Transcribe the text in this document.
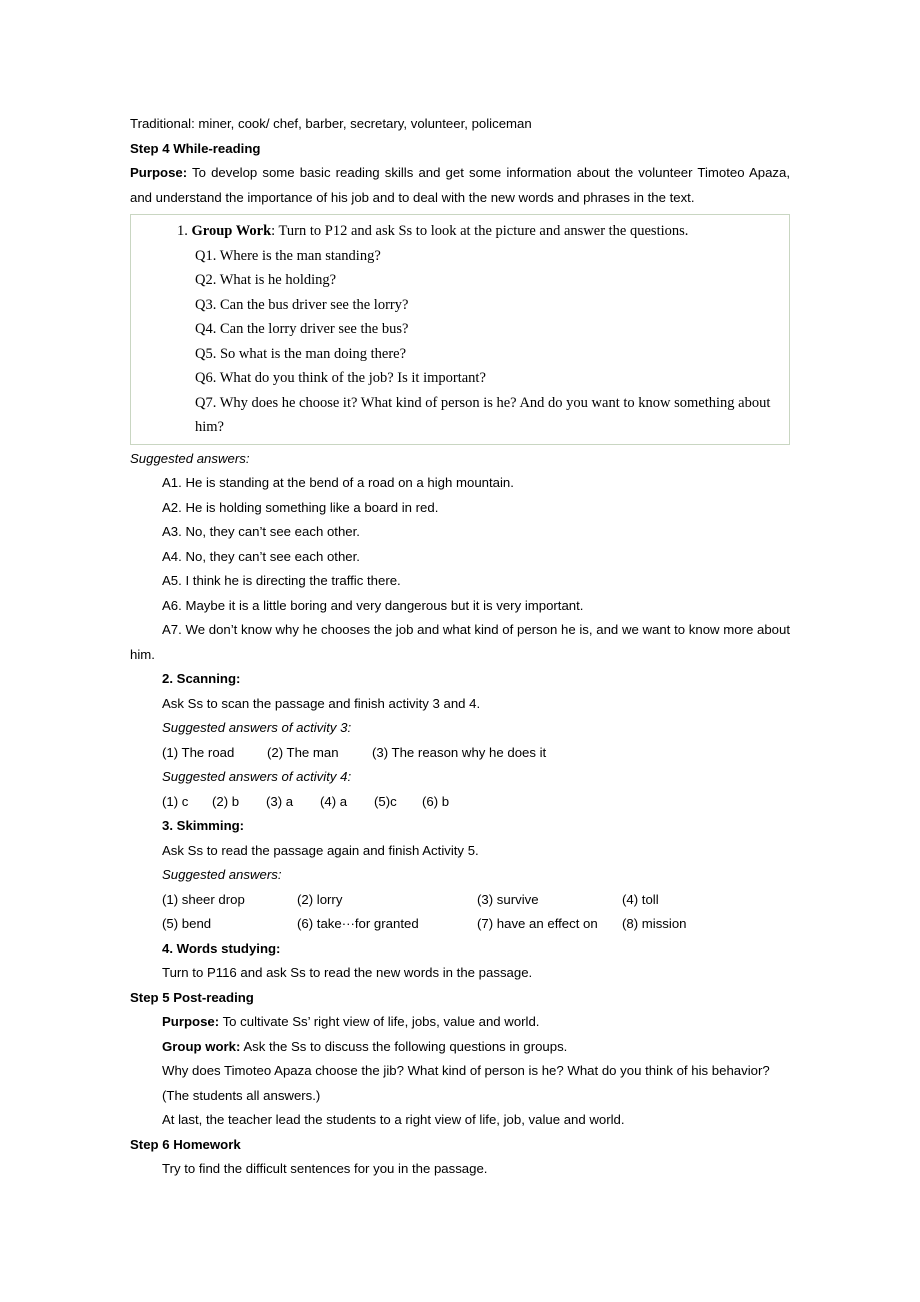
Traditional: miner, cook/ chef, barber, secretary, volunteer, policeman

Step 4 While-reading

Purpose: To develop some basic reading skills and get some information about the volunteer Timoteo Apaza, and understand the importance of his job and to deal with the new words and phrases in the text.

1. Group Work: Turn to P12 and ask Ss to look at the picture and answer the questions.

Q1. Where is the man standing?

Q2. What is he holding?

Q3. Can the bus driver see the lorry?

Q4. Can the lorry driver see the bus?

Q5. So what is the man doing there?

Q6. What do you think of the job? Is it important?

Q7. Why does he choose it? What kind of person is he? And do you want to know something about him?

Suggested answers:

A1. He is standing at the bend of a road on a high mountain.

A2. He is holding something like a board in red.

A3. No, they can’t see each other.

A4. No, they can’t see each other.

A5. I think he is directing the traffic there.

A6. Maybe it is a little boring and very dangerous but it is very important.

A7. We don’t know why he chooses the job and what kind of person he is, and we want to know more about him.

2. Scanning:

Ask Ss to scan the passage and finish activity 3 and 4.

Suggested answers of activity 3:

(1) The road (2) The man	(3) The reason why he does it

Suggested answers of activity 4:

(1) c (2) b (3) a (4) a (5)c (6) b

3. Skimming:

Ask Ss to read the passage again and finish Activity 5.

Suggested answers:

(1) sheer drop	(2) lorry	(3) survive	(4) toll

(5) bend	(6) take···for granted	(7) have an effect on (8) mission

4. Words studying:

Turn to P116 and ask Ss to read the new words in the passage.

Step 5 Post-reading

Purpose: To cultivate Ss’ right view of life, jobs, value and world.

Group work: Ask the Ss to discuss the following questions in groups.

Why does Timoteo Apaza choose the jib? What kind of person is he? What do you think of his behavior?

(The students all answers.)

At last, the teacher lead the students to a right view of life, job, value and world.

Step 6 Homework

Try to find the difficult sentences for you in the passage.
